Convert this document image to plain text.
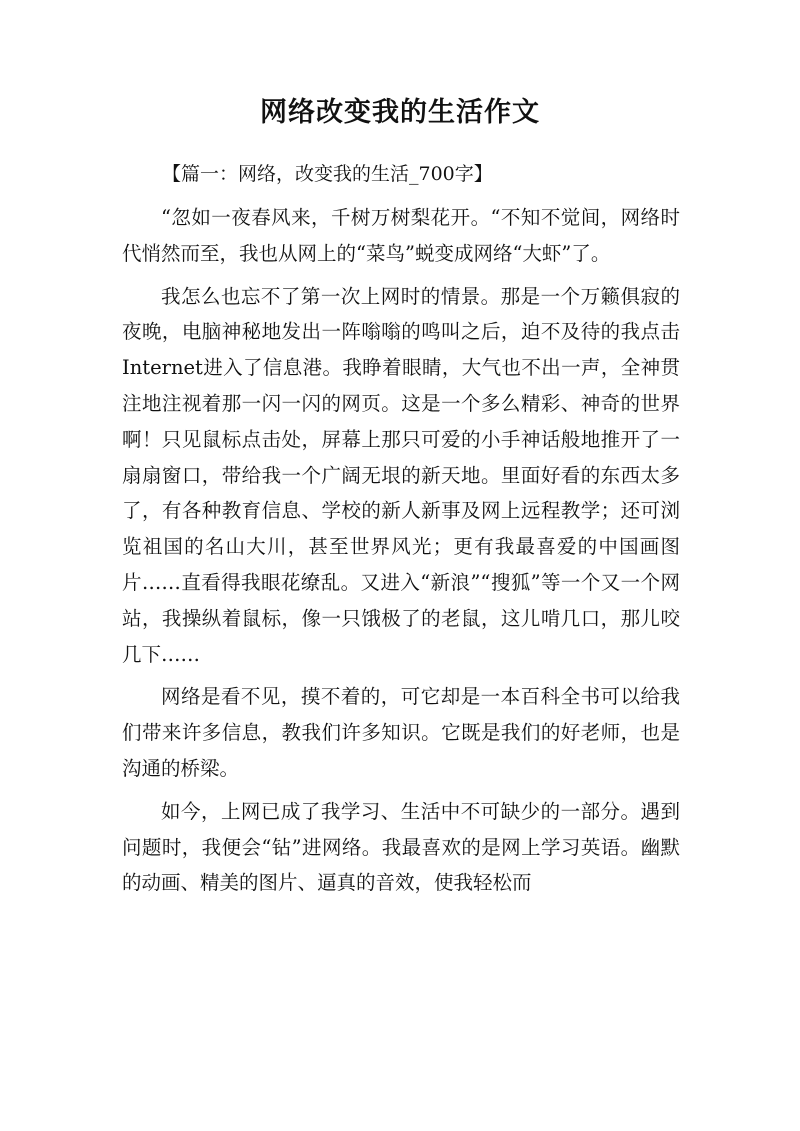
网络改变我的生活作文
【篇一：网络，改变我的生活_700字】

“忽如一夜春风来，千树万树梨花开。“不知不觉间，网络时代悄然而至，我也从网上的“菜鸟”蜕变成网络“大虾”了。

我怎么也忘不了第一次上网时的情景。那是一个万籁俱寂的夜晚，电脑神秘地发出一阵嗡嗡的鸣叫之后，迫不及待的我点击Internet进入了信息港。我睁着眼睛，大气也不出一声，全神贯注地注视着那一闪一闪的网页。这是一个多么精彩、神奇的世界啊！只见鼠标点击处，屏幕上那只可爱的小手神话般地推开了一扇扇窗口，带给我一个广阔无垠的新天地。里面好看的东西太多了，有各种教育信息、学校的新人新事及网上远程教学；还可浏览祖国的名山大川，甚至世界风光；更有我最喜爱的中国画图片……直看得我眼花缭乱。又进入“新浪”“搜狐”等一个又一个网站，我操纵着鼠标，像一只饿极了的老鼠，这儿啃几口，那儿咬几下……

网络是看不见，摸不着的，可它却是一本百科全书可以给我们带来许多信息，教我们许多知识。它既是我们的好老师，也是沟通的桥梁。

如今，上网已成了我学习、生活中不可缺少的一部分。遇到问题时，我便会“钻”进网络。我最喜欢的是网上学习英语。幽默的动画、精美的图片、逼真的音效，使我轻松而
